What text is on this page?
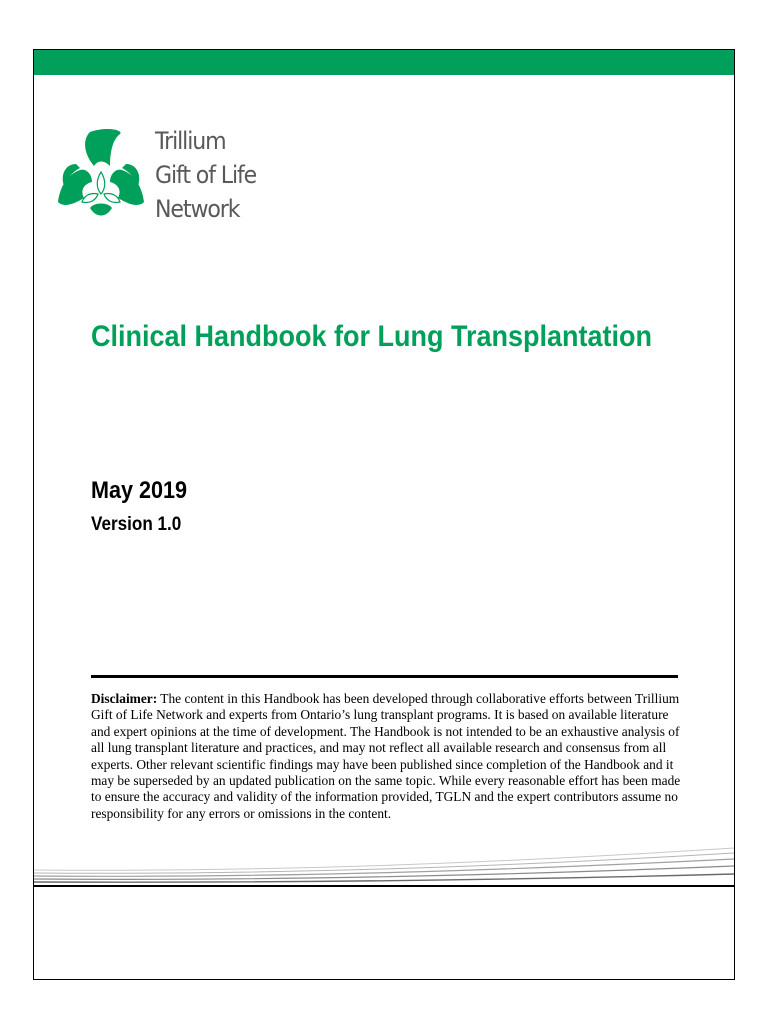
Trillium
Gift of Life
Network
Clinical Handbook for Lung Transplantation
May 2019
Version 1.0
Disclaimer: The content in this Handbook has been developed through collaborative efforts between Trillium Gift of Life Network and experts from Ontario’s lung transplant programs. It is based on available literature and expert opinions at the time of development. The Handbook is not intended to be an exhaustive analysis of all lung transplant literature and practices, and may not reflect all available research and consensus from all experts. Other relevant scientific findings may have been published since completion of the Handbook and it may be superseded by an updated publication on the same topic. While every reasonable effort has been made to ensure the accuracy and validity of the information provided, TGLN and the expert contributors assume no responsibility for any errors or omissions in the content.
